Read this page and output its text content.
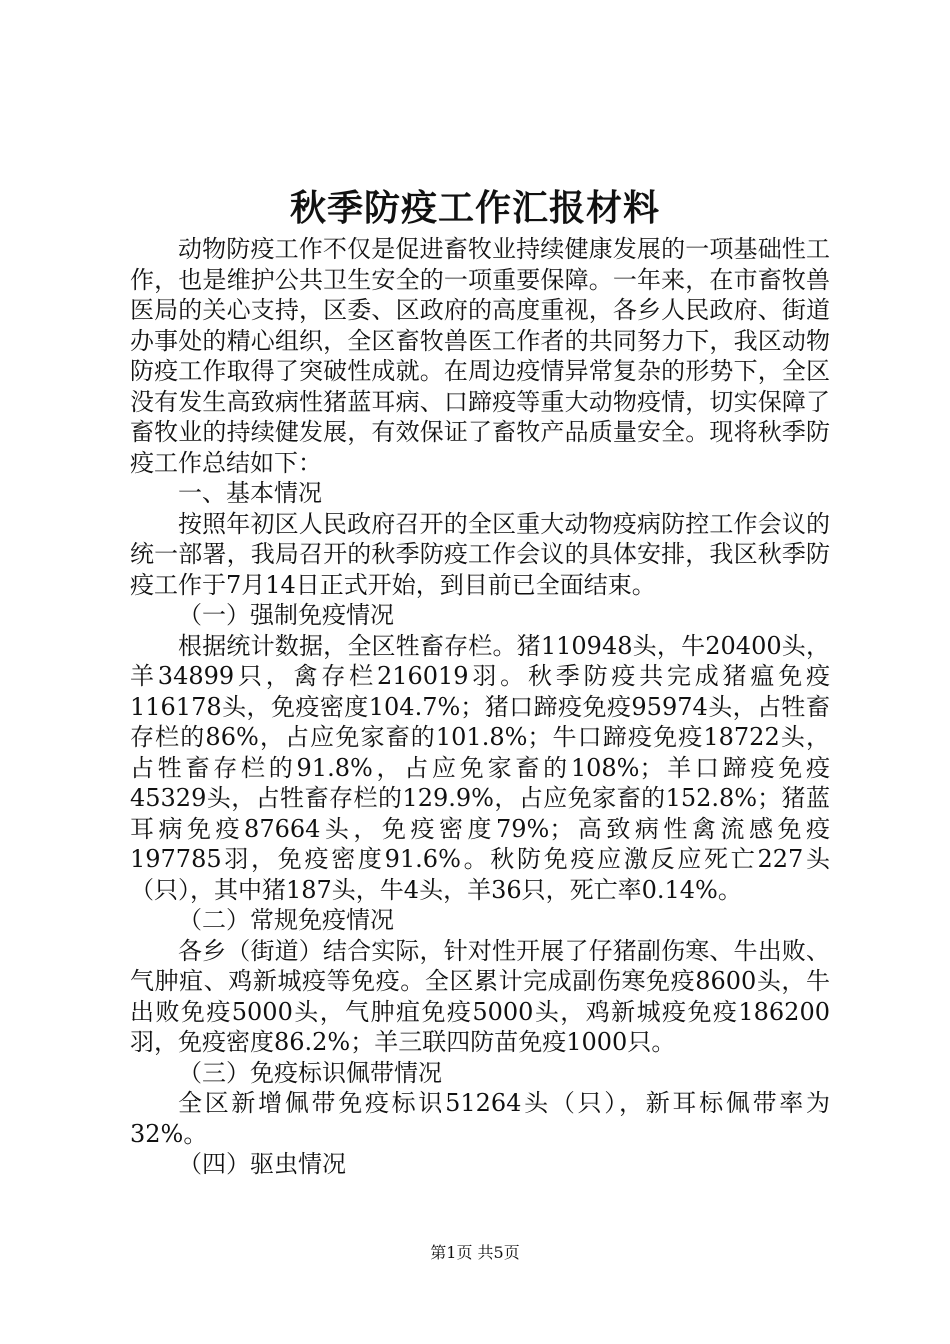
秋季防疫工作汇报材料

动物防疫工作不仅是促进畜牧业持续健康发展的一项基础性工作，也是维护公共卫生安全的一项重要保障。一年来，在市畜牧兽医局的关心支持，区委、区政府的高度重视，各乡人民政府、街道办事处的精心组织，全区畜牧兽医工作者的共同努力下，我区动物防疫工作取得了突破性成就。在周边疫情异常复杂的形势下，全区没有发生高致病性猪蓝耳病、口蹄疫等重大动物疫情，切实保障了畜牧业的持续健发展，有效保证了畜牧产品质量安全。现将秋季防疫工作总结如下：

一、基本情况

按照年初区人民政府召开的全区重大动物疫病防控工作会议的统一部署，我局召开的秋季防疫工作会议的具体安排，我区秋季防疫工作于7月14日正式开始，到目前已全面结束。

（一）强制免疫情况

根据统计数据，全区牲畜存栏。猪110948头，牛20400头，羊34899只，禽存栏216019羽。秋季防疫共完成猪瘟免疫116178头，免疫密度104.7%；猪口蹄疫免疫95974头，占牲畜存栏的86%，占应免家畜的101.8%；牛口蹄疫免疫18722头，占牲畜存栏的91.8%，占应免家畜的108%；羊口蹄疫免疫45329头，占牲畜存栏的129.9%，占应免家畜的152.8%；猪蓝耳病免疫87664头，免疫密度79%；高致病性禽流感免疫197785羽，免疫密度91.6%。秋防免疫应激反应死亡227头（只），其中猪187头，牛4头，羊36只，死亡率0.14%。

（二）常规免疫情况

各乡（街道）结合实际，针对性开展了仔猪副伤寒、牛出败、气肿疽、鸡新城疫等免疫。全区累计完成副伤寒免疫8600头，牛出败免疫5000头，气肿疽免疫5000头，鸡新城疫免疫186200羽，免疫密度86.2%；羊三联四防苗免疫1000只。

（三）免疫标识佩带情况

全区新增佩带免疫标识51264头（只），新耳标佩带率为32%。

（四）驱虫情况

第1页 共5页
